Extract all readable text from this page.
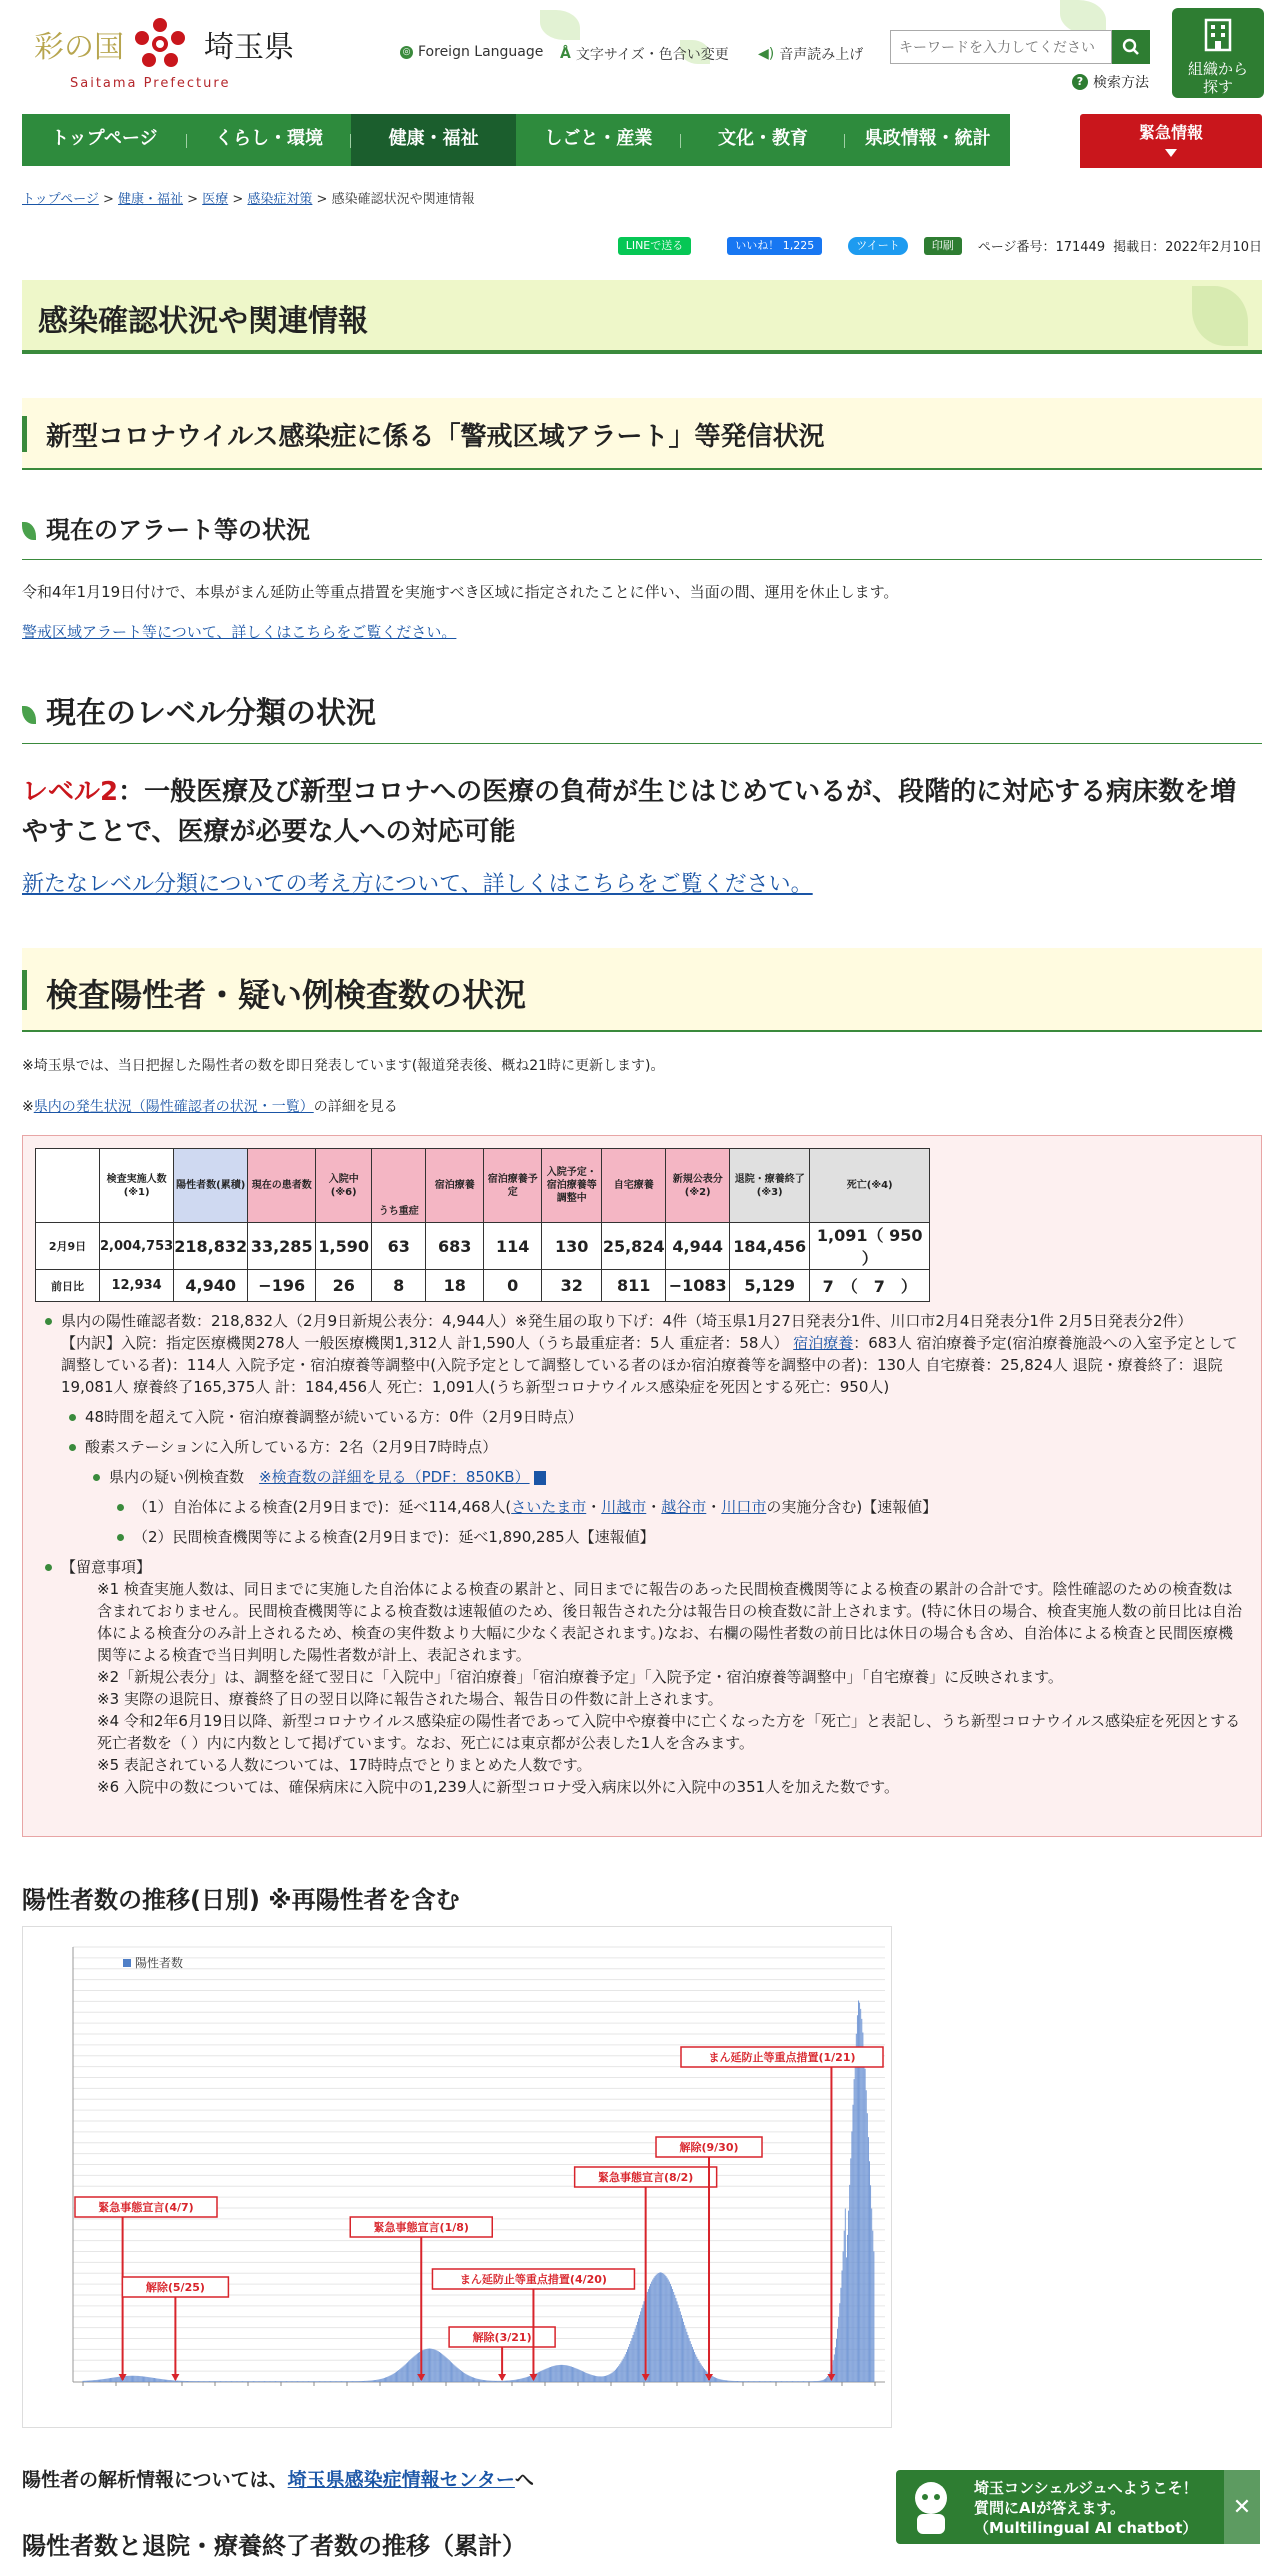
彩の国	埼玉県
Saitama Prefecture
◎ Foreign Language Å 文字サイズ・色合い変更 ◀) 音声読み上げ
キーワードを入力してください
? 検索方法
組織から探す
トップページ	くらし・環境	健康・福祉	しごと・産業	文化・教育	県政情報・統計	緊急情報
トップページ > 健康・福祉 > 医療 > 感染症対策 > 感染確認状況や関連情報
LINEで送る	いいね！ 1,225	ツイート	印刷	ページ番号：171449 掲載日：2022年2月10日
感染確認状況や関連情報
新型コロナウイルス感染症に係る「警戒区域アラート」等発信状況
現在のアラート等の状況

令和4年1月19日付けで、本県がまん延防止等重点措置を実施すべき区域に指定されたことに伴い、当面の間、運用を休止します。

警戒区域アラート等について、詳しくはこちらをご覧ください。

現在のレベル分類の状況

レベル2：一般医療及び新型コロナへの医療の負荷が生じはじめているが、段階的に対応する病床数を増やすことで、医療が必要な人への対応可能

新たなレベル分類についての考え方について、詳しくはこちらをご覧ください。

検査陽性者・疑い例検査数の状況

※埼玉県では、当日把握した陽性者の数を即日発表しています(報道発表後、概ね21時に更新します)。

※県内の発生状況（陽性確認者の状況・一覧）の詳細を見る

	検査実施人数(※1)	陽性者数(累積)	現在の患者数	入院中(※6)	うち重症	宿泊療養	宿泊療養予定	入院予定・宿泊療養等調整中	自宅療養	新規公表分(※2)	退院・療養終了(※3)	死亡(※4)
2月9日	2,004,753	218,832	33,285	1,590	63	683	114	130	25,824	4,944	184,456	1,091（ 950 ）
前日比	12,934	4,940	−196	26	8	18	0	32	811	−1083	5,129	7　（　7　）
県内の陽性確認者数：218,832人（2月9日新規公表分：4,944人）※発生届の取り下げ：4件（埼玉県1月27日発表分1件、川口市2月4日発表分1件 2月5日発表分2件）
【内訳】入院：指定医療機関278人 一般医療機関1,312人 計1,590人（うち最重症者：5人 重症者：58人） 宿泊療養：683人 宿泊療養予定(宿泊療養施設への入室予定として調整している者)：114人 入院予定・宿泊療養等調整中(入院予定として調整している者のほか宿泊療養等を調整中の者)：130人 自宅療養：25,824人 退院・療養終了：退院19,081人 療養終了165,375人 計：184,456人 死亡：1,091人(うち新型コロナウイルス感染症を死因とする死亡：950人)
48時間を超えて入院・宿泊療養調整が続いている方：0件（2月9日時点）
酸素ステーションに入所している方：2名（2月9日7時時点）
県内の疑い例検査数　 ※検査数の詳細を見る（PDF：850KB）
（1）自治体による検査(2月9日まで)：延べ114,468人(さいたま市・川越市・越谷市・川口市の実施分含む)【速報値】
（2）民間検査機関等による検査(2月9日まで)：延べ1,890,285人【速報値】
【留意事項】
※1 検査実施人数は、同日までに実施した自治体による検査の累計と、同日までに報告のあった民間検査機関等による検査の累計の合計です。陰性確認のための検査数は含まれておりません。民間検査機関等による検査数は速報値のため、後日報告された分は報告日の検査数に計上されます。(特に休日の場合、検査実施人数の前日比は自治体による検査分のみ計上されるため、検査の実件数より大幅に少なく表記されます。)なお、右欄の陽性者数の前日比は休日の場合も含め、自治体による検査と民間医療機関等による検査で当日判明した陽性者数が計上、表記されます。
※2「新規公表分」は、調整を経て翌日に「入院中」「宿泊療養」「宿泊療養予定」「入院予定・宿泊療養等調整中」「自宅療養」に反映されます。
※3 実際の退院日、療養終了日の翌日以降に報告された場合、報告日の件数に計上されます。
※4 令和2年6月19日以降、新型コロナウイルス感染症の陽性者であって入院中や療養中に亡くなった方を「死亡」と表記し、うち新型コロナウイルス感染症を死因とする死亡者数を（ ）内に内数として掲げています。なお、死亡には東京都が公表した1人を含みます。
※5 表記されている人数については、17時時点でとりまとめた人数です。
※6 入院中の数については、確保病床に入院中の1,239人に新型コロナ受入病床以外に入院中の351人を加えた数です。
陽性者数の推移(日別) ※再陽性者を含む
陽性者数
緊急事態宣言(4/7)
解除(5/25)
緊急事態宣言(1/8)
解除(3/21)
まん延防止等重点措置(4/20)
緊急事態宣言(8/2)
解除(9/30)
まん延防止等重点措置(1/21)

陽性者の解析情報については、埼玉県感染症情報センターへ

陽性者数と退院・療養終了者数の推移（累計）
埼玉コンシェルジュへようこそ！
質問にAIが答えます。
（Multilingual AI chatbot）
✕
